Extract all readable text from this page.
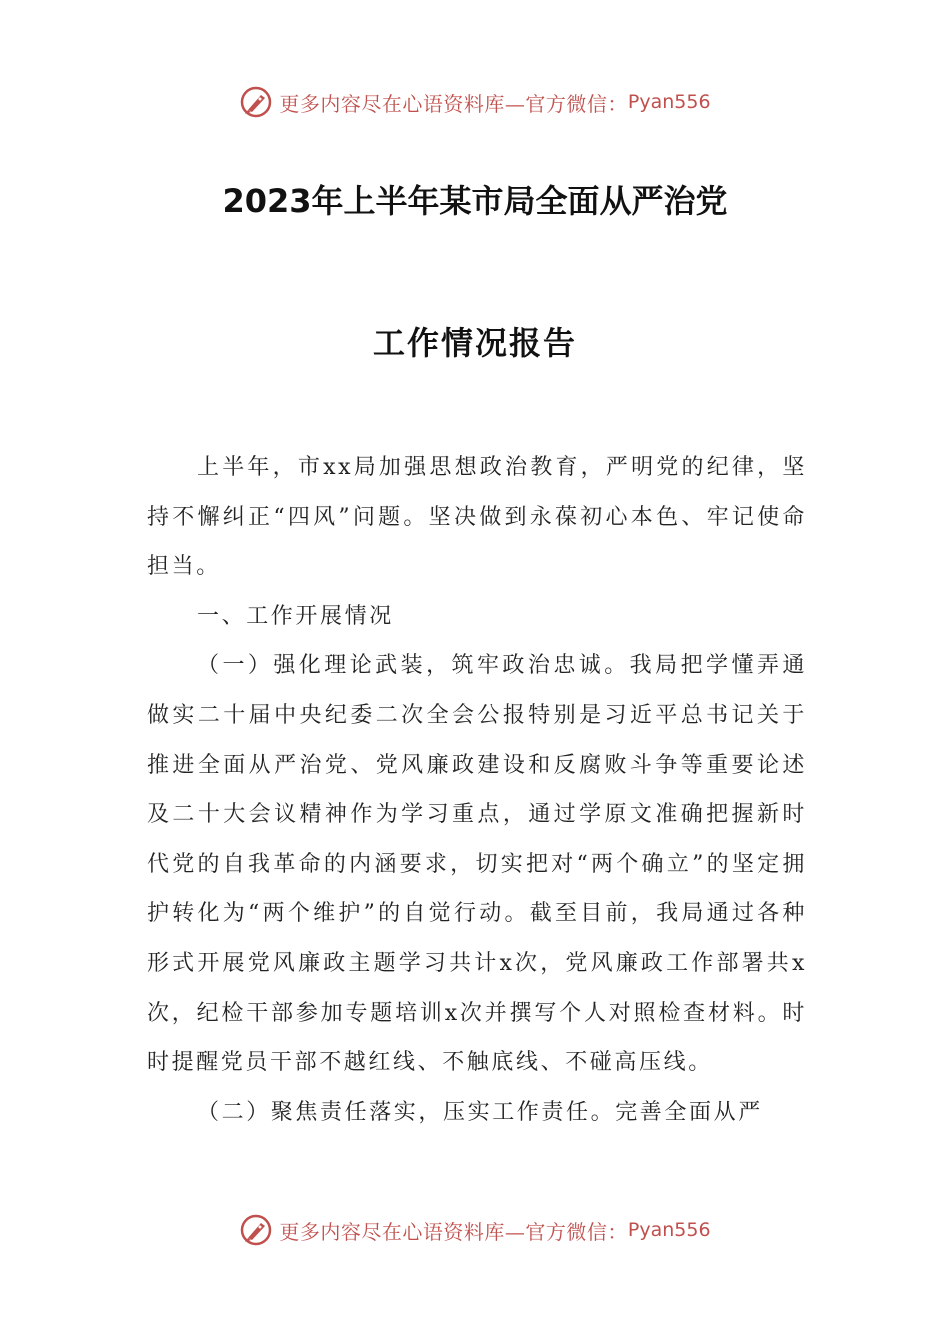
更多内容尽在心语资料库—官方微信： Pyan556
2023年上半年某市局全面从严治党
工作情况报告

上半年，市xx局加强思想政治教育，严明党的纪律，坚持不懈纠正“四风”问题。坚决做到永葆初心本色、牢记使命担当。

一、工作开展情况

（一）强化理论武装，筑牢政治忠诚。我局把学懂弄通做实二十届中央纪委二次全会公报特别是习近平总书记关于推进全面从严治党、党风廉政建设和反腐败斗争等重要论述及二十大会议精神作为学习重点，通过学原文准确把握新时代党的自我革命的内涵要求，切实把对“两个确立”的坚定拥护转化为“两个维护”的自觉行动。截至目前，我局通过各种形式开展党风廉政主题学习共计x次，党风廉政工作部署共x次，纪检干部参加专题培训x次并撰写个人对照检查材料。时时提醒党员干部不越红线、不触底线、不碰高压线。

（二）聚焦责任落实，压实工作责任。完善全面从严

更多内容尽在心语资料库—官方微信： Pyan556
